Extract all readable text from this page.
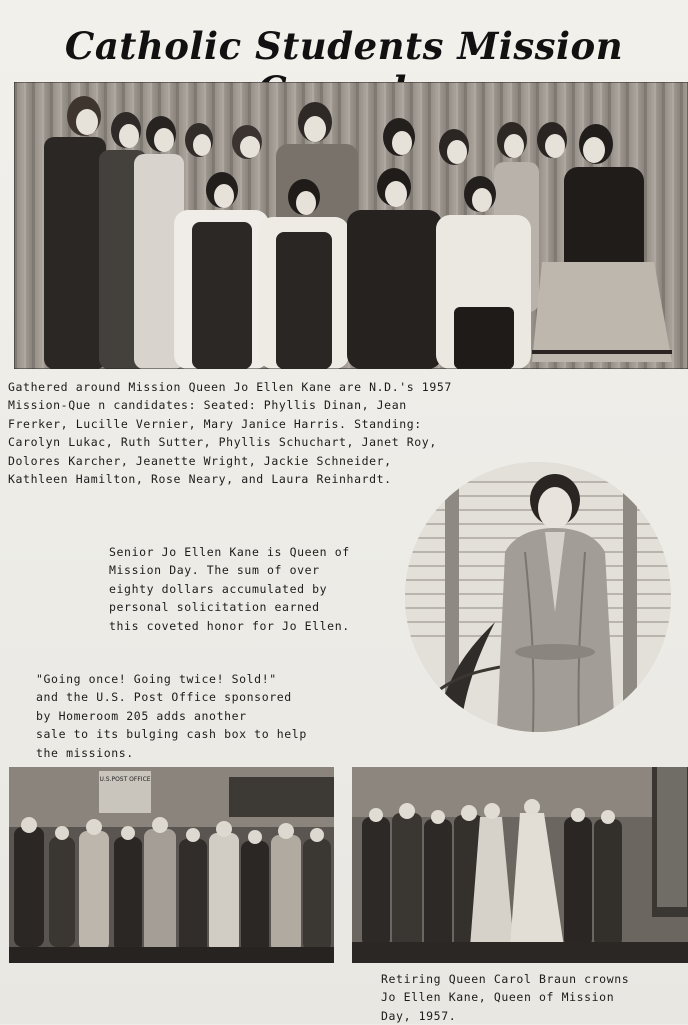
Catholic Students Mission
Gathered around Mission Queen Jo Ellen Kane are N.D.'s 1957
Mission-Que n candidates: Seated: Phyllis Dinan, Jean
Frerker, Lucille Vernier, Mary Janice Harris. Standing:
Carolyn Lukac, Ruth Sutter, Phyllis Schuchart, Janet Roy,
Dolores Karcher, Jeanette Wright, Jackie Schneider,
Kathleen Hamilton, Rose Neary, and Laura Reinhardt.
Senior Jo Ellen Kane is Queen of
Mission Day. The sum of over
eighty dollars accumulated by
personal solicitation earned
this coveted honor for Jo Ellen.
"Going once! Going twice! Sold!"
and the U.S. Post Office sponsored
by Homeroom 205 adds another
sale to its bulging cash box to help
the missions.
U.S.POST OFFICE
Retiring Queen Carol Braun crowns
Jo Ellen Kane, Queen of Mission
Day, 1957.
